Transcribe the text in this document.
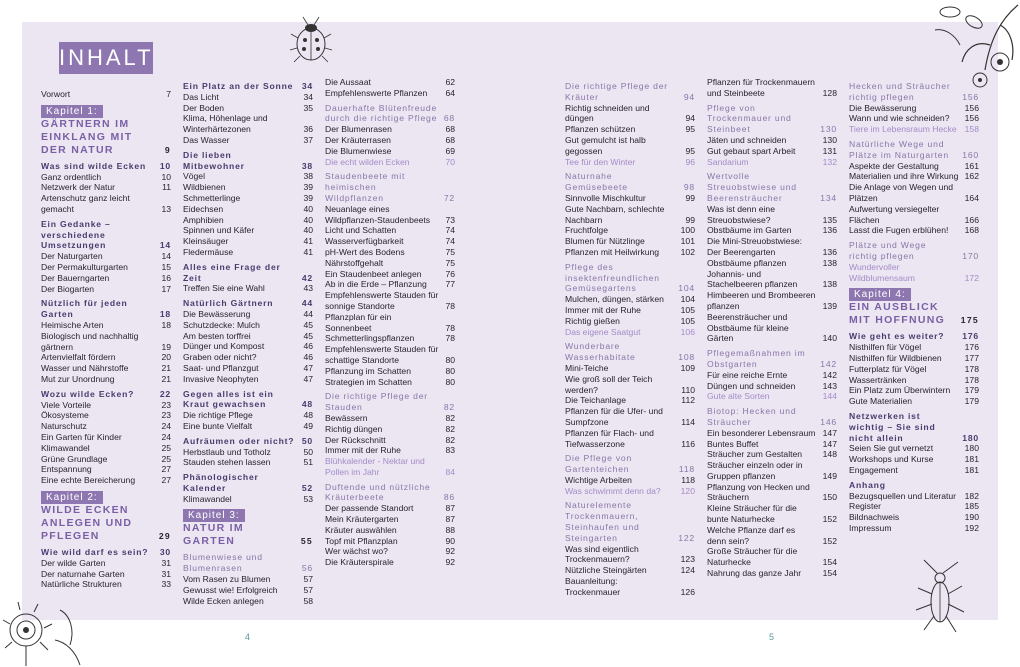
INHALT
Vorwort	7
Kapitel 1:
GÄRTNERN IM EINKLANG MIT DER NATUR	9
Was sind wilde Ecken	10
Ganz ordentlich	10
Netzwerk der Natur	11
Artenschutz ganz leicht gemacht	13
Ein Gedanke – verschiedene Umsetzungen	14
Der Naturgarten	14
Der Permakulturgarten	15
Der Bauerngarten	16
Der Biogarten	17
Nützlich für jeden Garten	18
Heimische Arten	18
Biologisch und nachhaltig gärtnern	19
Artenvielfalt fördern	20
Wasser und Nährstoffe	21
Mut zur Unordnung	21
Wozu wilde Ecken?	22
Viele Vorteile	23
Ökosysteme	23
Naturschutz	24
Ein Garten für Kinder	24
Klimawandel	25
Grüne Grundlage	25
Entspannung	27
Eine echte Bereicherung	27
Kapitel 2:
WILDE ECKEN ANLEGEN UND PFLEGEN	29
Wie wild darf es sein?	30
Der wilde Garten	31
Der naturnahe Garten	31
Natürliche Strukturen	33
Ein Platz an der Sonne 34
Das Licht	34
Der Boden	35
Klima, Höhenlage und Winterhärtezonen	36
Das Wasser	37
Die lieben Mitbewohner	38
Vögel	38
Wildbienen	39
Schmetterlinge	39
Eidechsen	40
Amphibien	40
Spinnen und Käfer	40
Kleinsäuger	41
Fledermäuse	41
Alles eine Frage der Zeit	42
Treffen Sie eine Wahl	43
Natürlich Gärtnern	44
Die Bewässerung	44
Schutzdecke: Mulch	45
Am besten torffrei	45
Dünger und Kompost	46
Graben oder nicht?	46
Saat- und Pflanzgut	47
Invasive Neophyten	47
Gegen alles ist ein Kraut gewachsen	48
Die richtige Pflege	48
Eine bunte Vielfalt	49
Aufräumen oder nicht? 50
Herbstlaub und Totholz	50
Stauden stehen lassen	51
Phänologischer Kalender	52
Klimawandel	53
Kapitel 3:
NATUR IM GARTEN	55
Blumenwiese und Blumenrasen	56
Vom Rasen zu Blumen	57
Gewusst wie! Erfolgreich	57
Wilde Ecken anlegen	58
Die Aussaat	62
Empfehlenswerte Pflanzen	64
Dauerhafte Blütenfreude durch die richtige Pflege 68
Der Blumenrasen	68
Der Kräuterrasen	68
Die Blumenwiese	69
Die echt wilden Ecken	70
Staudenbeete mit heimischen Wildpflanzen	72
Neuanlage eines Wildpflanzen-Staudenbeets	73
Licht und Schatten	74
Wasserverfügbarkeit	74
pH-Wert des Bodens	75
Nährstoffgehalt	75
Ein Staudenbeet anlegen	76
Ab in die Erde – Pflanzung	77
Empfehlenswerte Stauden für sonnige Standorte	78
Pflanzplan für ein Sonnenbeet	78
Schmetterlingspflanzen	78
Empfehlenswerte Stauden für schattige Standorte	80
Pflanzung im Schatten	80
Strategien im Schatten	80
Die richtige Pflege der Stauden	82
Bewässern	82
Richtig düngen	82
Der Rückschnitt	82
Immer mit der Ruhe	83
Blühkalender - Nektar und Pollen im Jahr	84
Duftende und nützliche Kräuterbeete	86
Der passende Standort	87
Mein Kräutergarten	87
Kräuter auswählen	88
Topf mit Pflanzplan	90
Wer wächst wo?	92
Die Kräuterspirale	92
Die richtige Pflege der Kräuter	94
Richtig schneiden und düngen	94
Pflanzen schützen	95
Gut gemulcht ist halb gegossen	95
Tee für den Winter	96
Naturnahe Gemüsebeete	98
Sinnvolle Mischkultur	99
Gute Nachbarn, schlechte Nachbarn	99
Fruchtfolge	100
Blumen für Nützlinge	101
Pflanzen mit Heilwirkung	102
Pflege des insektenfreundlichen Gemüsegartens	104
Mulchen, düngen, stärken	104
Immer mit der Ruhe	105
Richtig gießen	105
Das eigene Saatgut	106
Wunderbare Wasserhabitate	108
Mini-Teiche	109
Wie groß soll der Teich werden?	110
Die Teichanlage	112
Pflanzen für die Ufer- und Sumpfzone	114
Pflanzen für Flach- und Tiefwasserzone	116
Die Pflege von Gartenteichen	118
Wichtige Arbeiten	118
Was schwimmt denn da?	120
Naturelemente Trockenmauern, Steinhaufen und Steingarten	122
Was sind eigentlich Trockenmauern?	123
Nützliche Steingärten	124
Bauanleitung: Trockenmauer	126
Pflanzen für Trockenmauern und Steinbeete	128
Pflege von Trockenmauer und Steinbeet	130
Jäten und schneiden	130
Gut gebaut spart Arbeit	131
Sandarium	132
Wertvolle Streuobstwiese und Beerensträucher	134
Was ist denn eine Streuobstwiese?	135
Obstbäume im Garten	136
Die Mini-Streuobstwiese: Der Beerengarten	136
Obstbäume pflanzen	138
Johannis- und Stachelbeeren pflanzen	138
Himbeeren und Brombeeren pflanzen	139
Beerensträucher und Obstbäume für kleine Gärten	140
Pflegemaßnahmen im Obstgarten	142
Für eine reiche Ernte	142
Düngen und schneiden	143
Gute alte Sorten	144
Biotop: Hecken und Sträucher	146
Ein besonderer Lebensraum 147
Buntes Buffet	147
Sträucher zum Gestalten	148
Sträucher einzeln oder in Gruppen pflanzen	149
Pflanzung von Hecken und Sträuchern	150
Kleine Sträucher für die bunte Naturhecke	152
Welche Pflanze darf es denn sein?	152
Große Sträucher für die Naturhecke	154
Nahrung das ganze Jahr	154
Hecken und Sträucher richtig pflegen	156
Die Bewässerung	156
Wann und wie schneiden?	156
Tiere im Lebensraum Hecke 158
Natürliche Wege und Plätze im Naturgarten	160
Aspekte der Gestaltung	161
Materialien und ihre Wirkung 162
Die Anlage von Wegen und Plätzen	164
Aufwertung versiegelter Flächen	166
Lasst die Fugen erblühen!	168
Plätze und Wege richtig pflegen	170
Wundervoller Wildblumensaum	172
Kapitel 4:
EIN AUSBLICK MIT HOFFNUNG	175
Wie geht es weiter?	176
Nisthilfen für Vögel	176
Nisthilfen für Wildbienen	177
Futterplatz für Vögel	178
Wassertränken	178
Ein Platz zum Überwintern	179
Gute Materialien	179
Netzwerken ist wichtig – Sie sind nicht allein	180
Seien Sie gut vernetzt	180
Workshops und Kurse	181
Engagement	181
Anhang
Bezugsquellen und Literatur	182
Register	185
Bildnachweis	190
Impressum	192
4	5
